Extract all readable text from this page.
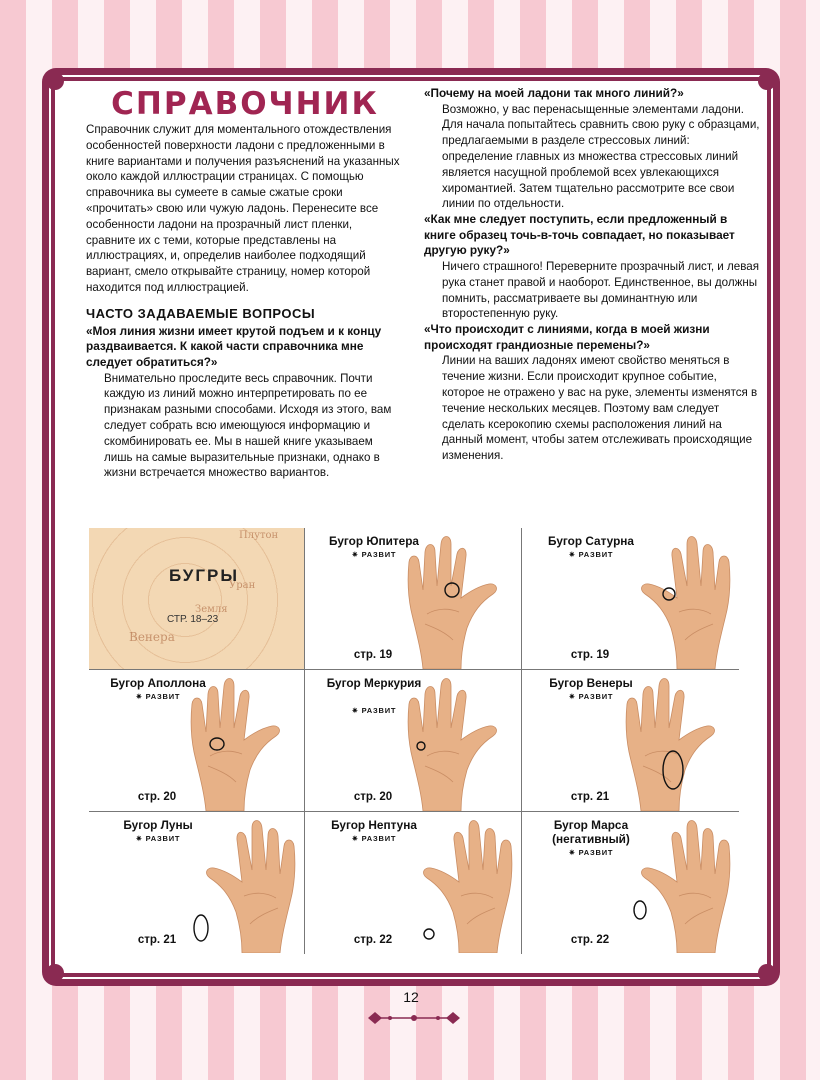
СПРАВОЧНИК

Справочник служит для моментального отождествления особенностей поверхности ладони с предложенными в книге вариантами и получения разъяснений на указанных около каждой иллюстрации страницах. С помощью справочника вы сумеете в самые сжатые сроки «прочитать» свою или чужую ладонь. Перенесите все особенности ладони на прозрачный лист пленки, сравните их с теми, которые представлены на иллюстрациях, и, определив наиболее подходящий вариант, смело открывайте страницу, номер которой находится под иллюстрацией.

ЧАСТО ЗАДАВАЕМЫЕ ВОПРОСЫ
«Моя линия жизни имеет крутой подъем и к концу раздваивается. К какой части справочника мне следует обратиться?»
Внимательно проследите весь справочник. Почти каждую из линий можно интерпретировать по ее признакам разными способами. Исходя из этого, вам следует собрать всю имеющуюся информацию и скомбинировать ее. Мы в нашей книге указываем лишь на самые выразительные признаки, однако в жизни встречается множество вариантов.
«Почему на моей ладони так много линий?»
Возможно, у вас перенасыщенные элементами ладони. Для начала попытайтесь сравнить свою руку с образцами, предлагаемыми в разделе стрессовых линий: определение главных из множества стрессовых линий является насущной проблемой всех увлекающихся хиромантией. Затем тщательно рассмотрите все свои линии по отдельности.
«Как мне следует поступить, если предложенный в книге образец точь-в-точь совпадает, но показывает другую руку?»
Ничего страшного! Переверните прозрачный лист, и левая рука станет правой и наоборот. Единственное, вы должны помнить, рассматриваете вы доминантную или второстепенную руку.
«Что происходит с линиями, когда в моей жизни происходят грандиозные перемены?»
Линии на ваших ладонях имеют свойство меняться в течение жизни. Если происходит крупное событие, которое не отражено у вас на руке, элементы изменятся в течение нескольких месяцев. Поэтому вам следует сделать ксерокопию схемы расположения линий на данный момент, чтобы затем отслеживать происходящие изменения.
Плутон
Уран
Венера
Земля
БУГРЫ
СТР. 18–23
Бугор Юпитера
✷ РАЗВИТ
стр. 19
Бугор Сатурна
✷ РАЗВИТ
стр. 19
Бугор Аполлона
✷ РАЗВИТ
стр. 20
Бугор Меркурия
✷ РАЗВИТ
стр. 20
Бугор Венеры
✷ РАЗВИТ
стр. 21
Бугор Луны
✷ РАЗВИТ
стр. 21
Бугор Нептуна
✷ РАЗВИТ
стр. 22
Бугор Марса (негативный)
✷ РАЗВИТ
стр. 22
12
